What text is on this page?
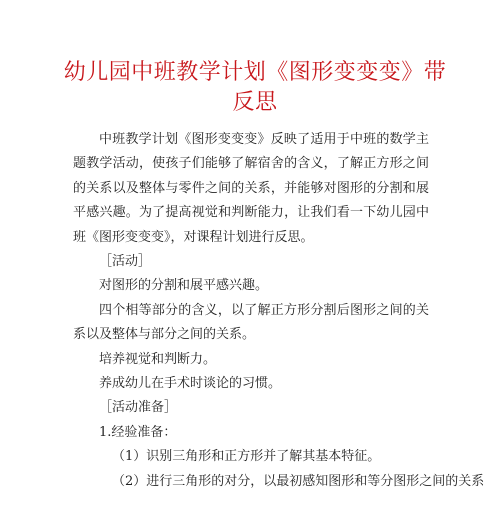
幼儿园中班教学计划《图形变变变》带反思

中班教学计划《图形变变变》反映了适用于中班的数学主题教学活动，使孩子们能够了解宿舍的含义，了解正方形之间的关系以及整体与零件之间的关系，并能够对图形的分割和展平感兴趣。为了提高视觉和判断能力，让我们看一下幼儿园中班《图形变变变》，对课程计划进行反思。

［活动］

对图形的分割和展平感兴趣。

四个相等部分的含义，以了解正方形分割后图形之间的关系以及整体与部分之间的关系。

培养视觉和判断力。

养成幼儿在手术时谈论的习惯。

［活动准备］

1.经验准备：

（1）识别三角形和正方形并了解其基本特征。

（2）进行三角形的对分，以最初感知图形和等分图形之间的关系
